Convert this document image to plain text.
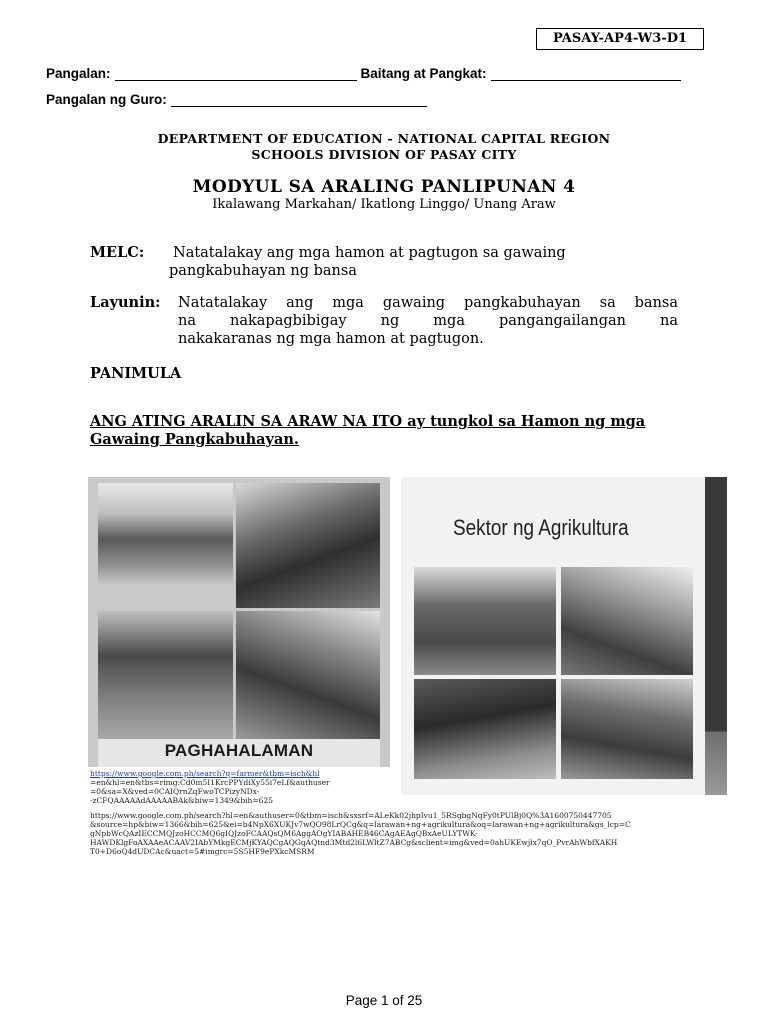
PASAY-AP4-W3-D1
Pangalan:	Baitang at Pangkat:
Pangalan ng Guro:
DEPARTMENT OF EDUCATION - NATIONAL CAPITAL REGION
SCHOOLS DIVISION OF PASAY CITY
MODYUL SA ARALING PANLIPUNAN 4
Ikalawang Markahan/ Ikatlong Linggo/ Unang Araw
MELC: Natatalakay ang mga hamon at pagtugon sa gawaing
pangkabuhayan ng bansa
Layunin: Natatalakay ang mga gawaing pangkabuhayan sa bansa
na nakapagbibigay ng mga pangangailangan na
nakakaranas ng mga hamon at pagtugon.
PANIMULA
ANG ATING ARALIN SA ARAW NA ITO ay tungkol sa Hamon ng mga Gawaing Pangkabuhayan.
PAGHAHALAMAN
Sektor ng Agrikultura
https://www.google.com.ph/search?q=farmer&tbm=isch&hl
=en&hl=en&tbs=rimg:Cd0m5I1KrcPPYdiXy55i7eLf&authuser
=0&sa=X&ved=0CAIQrnZqFwoTCPizyNDx-
-zCFQAAAAAdAAAAABAk&biw=1349&bih=625
https://www.google.com.ph/search?hl=en&authuser=0&tbm=isch&sxsrf=ALeKk02jhpIvu1_5RSgbgNqFy0tPUlBj0Q%3A1600750447705
&source=hp&biw=1366&bih=625&ei=b4NpX6XUKJv7wQO98LrQCg&q=larawan+ng+agrikultura&oq=larawan+ng+agrikultura&gs_lcp=C
gNpbWcQAzIECCMQJzoHCCMQ6gIQJzoFCAAQsQM6AggAOgYIABAHEB46CAgAEAgQBxAeULYTWK-
HAWDKlgFoAXAAeACAAV2IAbYMkgECMjKYAQCgAQGqAQtnd3Mtd2l6LWltZ7ABCg&sclient=img&ved=0ahUKEwjlx7qO_PvrAhWbfXAKH
T0+D6oQ4dUDCAc&uact=5#imgrc=5S5HF9ePXkcMSRM
Page 1 of 25
